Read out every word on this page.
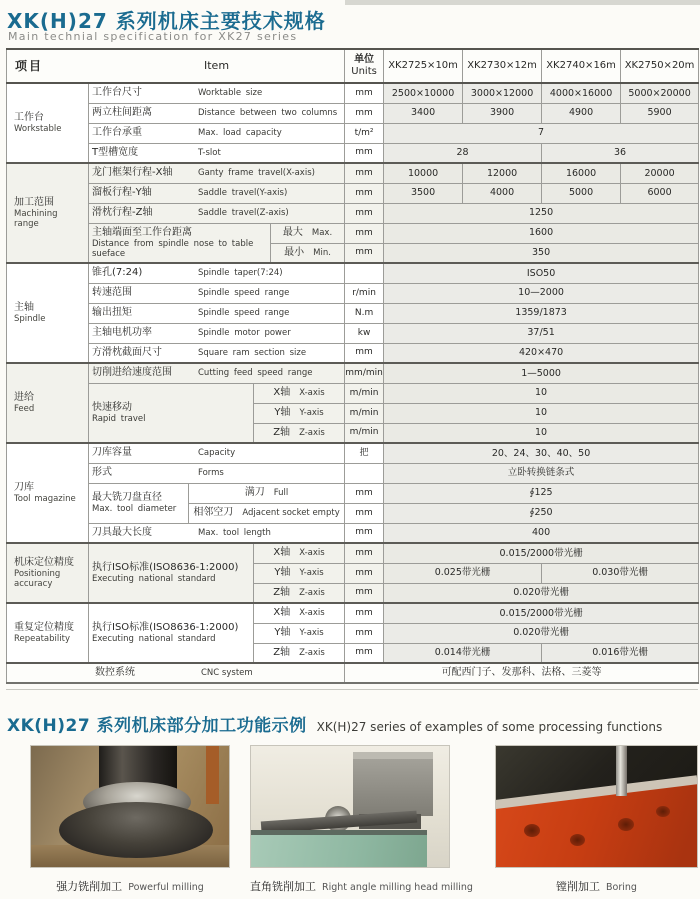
XK(H)27 系列机床主要技术规格
Main technial specification for XK27 series
项目 Item					单位
Units	XK2725×10m	XK2730×12m	XK2740×16m	XK2750×20m

工作台
Workstable	工作台尺寸 Worktable size				mm	2500×10000	3000×12000	4000×16000	5000×20000
	两立柱间距离 Distance between two columns				mm	3400	3900	4900	5900
	工作台承重 Max. load capacity				t/m²	7			
	T型槽宽度 T-slot				mm	28		36	

加工范围
Machining range	龙门框架行程-X轴 Ganty frame travel(X-axis)				mm	10000	12000	16000	20000
	溜板行程-Y轴 Saddle travel(Y-axis)				mm	3500	4000	5000	6000
	滑枕行程-Z轴 Saddle travel(Z-axis)				mm	1250			

	主轴端面至工作台距离
Distance from spindle nose to table sueface			最大 Max.	mm	1600			
				最小 Min.	mm	350			

主轴
Spindle	锥孔(7:24) Spindle taper(7:24)					ISO50			
	转速范围 Spindle speed range				r/min	10—2000			
	输出扭矩 Spindle speed range				N.m	1359/1873			
	主轴电机功率 Spindle motor power				kw	37/51			
	方滑枕截面尺寸 Square ram section size				mm	420×470			

进给
Feed	切削进给速度范围 Cutting feed speed range				mm/min	1—5000			

	快速移动
Rapid travel		X轴 X-axis		m/min	10			
			Y轴 Y-axis		m/min	10			
			Z轴 Z-axis		m/min	10			

刀库
Tool magazine	刀库容量 Capacity				把	20、24、30、40、50			
	形式 Forms					立卧转换链条式			

	最大铣刀盘直径
Max. tool diameter	满刀 Full			mm	∮125			
		相邻空刀 Adjacent socket empty			mm	∮250			
	刀具最大长度 Max. tool length				mm	400			

机床定位精度
Positioning accuracy	执行ISO标准(ISO8636-1:2000)
Executing national standard		X轴 X-axis		mm	0.015/2000带光栅			
			Y轴 Y-axis		mm	0.025带光栅		0.030带光栅	
			Z轴 Z-axis		mm	0.020带光栅			

重复定位精度
Repeatability	执行ISO标准(ISO8636-1:2000)
Executing national standard		X轴 X-axis		mm	0.015/2000带光栅			
			Y轴 Y-axis		mm	0.020带光栅			
			Z轴 Z-axis		mm	0.014带光栅		0.016带光栅	
数控系统 CNC system					可配西门子、发那科、法格、三菱等				
XK(H)27 系列机床部分加工功能示例 XK(H)27 series of examples of some processing functions
强力铣削加工 Powerful milling	直角铣削加工 Right angle milling head milling	镗削加工 Boring
